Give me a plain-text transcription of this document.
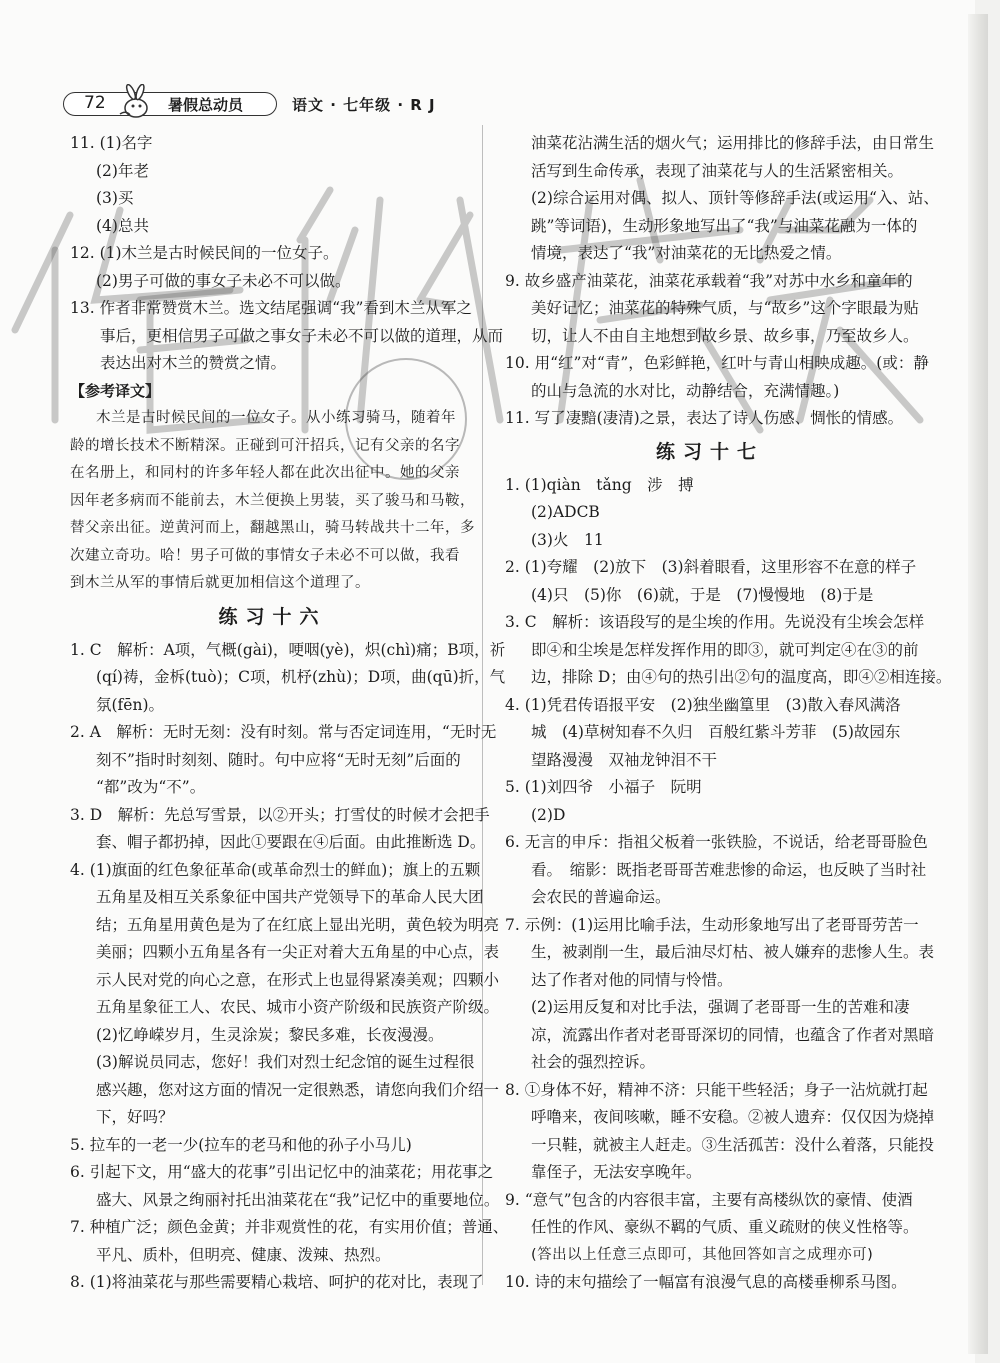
72	暑假总动员	语文 · 七年级 · R J
11. (1)名字
(2)年老
(3)买
(4)总共
12. (1)木兰是古时候民间的一位女子。
(2)男子可做的事女子未必不可以做。
13. 作者非常赞赏木兰。选文结尾强调“我”看到木兰从军之
事后，更相信男子可做之事女子未必不可以做的道理，从而
表达出对木兰的赞赏之情。
【参考译文】
木兰是古时候民间的一位女子。从小练习骑马，随着年
龄的增长技术不断精深。正碰到可汗招兵，记有父亲的名字
在名册上，和同村的许多年轻人都在此次出征中。她的父亲
因年老多病而不能前去，木兰便换上男装，买了骏马和马鞍，
替父亲出征。逆黄河而上，翻越黑山，骑马转战共十二年，多
次建立奇功。哈！男子可做的事情女子未必不可以做，我看
到木兰从军的事情后就更加相信这个道理了。
练习十六
1. C　解析：A项，气概(gài)，哽咽(yè)，炽(chì)痛；B项，祈
(qí)祷，金柝(tuò)；C项，机杼(zhù)；D项，曲(qū)折，气
氛(fēn)。
2. A　解析：无时无刻：没有时刻。常与否定词连用，“无时无
刻不”指时时刻刻、随时。句中应将“无时无刻”后面的
“都”改为“不”。
3. D　解析：先总写雪景，以②开头；打雪仗的时候才会把手
套、帽子都扔掉，因此①要跟在④后面。由此推断选 D。
4. (1)旗面的红色象征革命(或革命烈士的鲜血)；旗上的五颗
五角星及相互关系象征中国共产党领导下的革命人民大团
结；五角星用黄色是为了在红底上显出光明，黄色较为明亮
美丽；四颗小五角星各有一尖正对着大五角星的中心点，表
示人民对党的向心之意，在形式上也显得紧凑美观；四颗小
五角星象征工人、农民、城市小资产阶级和民族资产阶级。
(2)忆峥嵘岁月，生灵涂炭；黎民多难，长夜漫漫。
(3)解说员同志，您好！我们对烈士纪念馆的诞生过程很
感兴趣，您对这方面的情况一定很熟悉，请您向我们介绍一
下，好吗？
5. 拉车的一老一少(拉车的老马和他的孙子小马儿)
6. 引起下文，用“盛大的花事”引出记忆中的油菜花；用花事之
盛大、风景之绚丽衬托出油菜花在“我”记忆中的重要地位。
7. 种植广泛；颜色金黄；并非观赏性的花，有实用价值；普通、
平凡、质朴，但明亮、健康、泼辣、热烈。
8. (1)将油菜花与那些需要精心栽培、呵护的花对比，表现了
油菜花沾满生活的烟火气；运用排比的修辞手法，由日常生
活写到生命传承，表现了油菜花与人的生活紧密相关。
(2)综合运用对偶、拟人、顶针等修辞手法(或运用“入、站、
跳”等词语)，生动形象地写出了“我”与油菜花融为一体的
情境，表达了“我”对油菜花的无比热爱之情。
9. 故乡盛产油菜花，油菜花承载着“我”对苏中水乡和童年的
美好记忆；油菜花的特殊气质，与“故乡”这个字眼最为贴
切，让人不由自主地想到故乡景、故乡事，乃至故乡人。
10. 用“红”对“青”，色彩鲜艳，红叶与青山相映成趣。(或：静
的山与急流的水对比，动静结合，充满情趣。)
11. 写了凄黯(凄清)之景，表达了诗人伤感、惆怅的情感。
练习十七
1. (1)qiàn　tǎng　涉　搏
(2)ADCB
(3)火　11
2. (1)夸耀　(2)放下　(3)斜着眼看，这里形容不在意的样子
(4)只　(5)你　(6)就，于是　(7)慢慢地　(8)于是
3. C　解析：该语段写的是尘埃的作用。先说没有尘埃会怎样
即④和尘埃是怎样发挥作用的即③，就可判定④在③的前
边，排除 D；由④句的热引出②句的温度高，即④②相连接。
4. (1)凭君传语报平安　(2)独坐幽篁里　(3)散入春风满洛
城　(4)草树知春不久归　百般红紫斗芳菲　(5)故园东
望路漫漫　双袖龙钟泪不干
5. (1)刘四爷　小福子　阮明
(2)D
6. 无言的申斥：指祖父板着一张铁脸，不说话，给老哥哥脸色
看。　缩影：既指老哥哥苦难悲惨的命运，也反映了当时社
会农民的普遍命运。
7. 示例：(1)运用比喻手法，生动形象地写出了老哥哥劳苦一
生，被剥削一生，最后油尽灯枯、被人嫌弃的悲惨人生。表
达了作者对他的同情与怜惜。
(2)运用反复和对比手法，强调了老哥哥一生的苦难和凄
凉，流露出作者对老哥哥深切的同情，也蕴含了作者对黑暗
社会的强烈控诉。
8. ①身体不好，精神不济：只能干些轻活；身子一沾炕就打起
呼噜来，夜间咳嗽，睡不安稳。②被人遗弃：仅仅因为烧掉
一只鞋，就被主人赶走。③生活孤苦：没什么着落，只能投
靠侄子，无法安享晚年。
9. “意气”包含的内容很丰富，主要有高楼纵饮的豪情、使酒
任性的作风、豪纵不羁的气质、重义疏财的侠义性格等。
(答出以上任意三点即可，其他回答如言之成理亦可)
10. 诗的末句描绘了一幅富有浪漫气息的高楼垂柳系马图。
